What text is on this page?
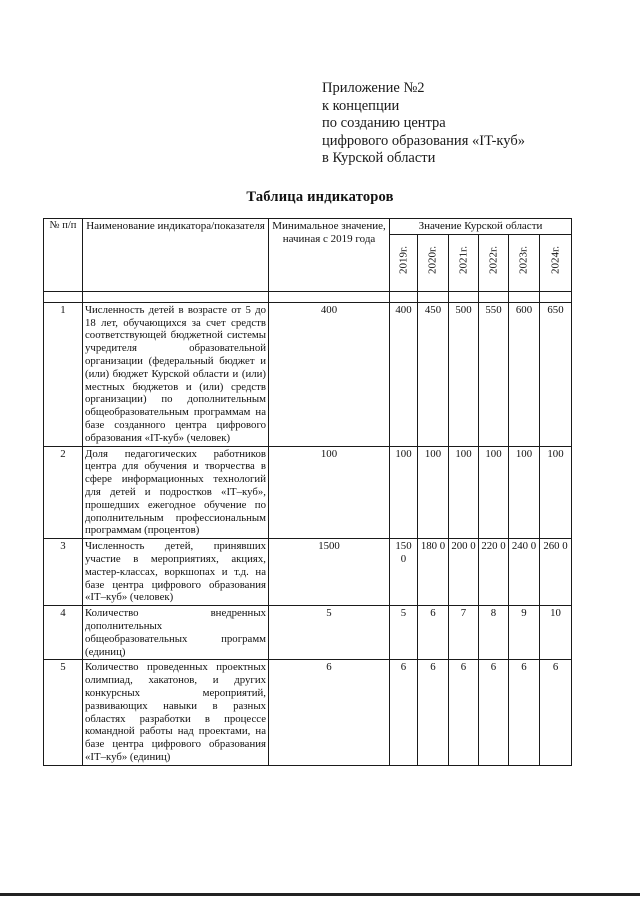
Приложение №2
к концепции
по созданию центра
цифрового образования «IT-куб»
в Курской области
Таблица индикаторов
№ п/п	Наименование индикатора/показателя	Минимальное значение, начиная с 2019 года	Значение Курской области					

			2019г.	2020г.	2021г.	2022г.	2023г.	2024г.

1	Численность детей в возрасте от 5 до 18 лет, обучающихся за счет средств соответствующей бюджетной системы учредителя образовательной организации (федеральный бюджет и (или) бюджет Курской области и (или) местных бюджетов и (или) средств организации) по дополнительным общеобразовательным программам на базе созданного центра цифрового образования «IT-куб» (человек)	400	400	450	500	550	600	650
2	Доля педагогических работников центра для обучения и творчества в сфере информационных технологий для детей и подростков «IT–куб», прошедших ежегодное обучение по дополнительным профессиональным программам (процентов)	100	100	100	100	100	100	100
3	Численность детей, принявших участие в мероприятиях, акциях, мастер-классах, воркшопах и т.д. на базе центра цифрового образования «IT–куб» (человек)	1500	150 0	180 0	200 0	220 0	240 0	260 0
4	Количество внедренных дополнительных общеобразовательных программ (единиц)	5	5	6	7	8	9	10
5	Количество проведенных проектных олимпиад, хакатонов, и других конкурсных мероприятий, развивающих навыки в разных областях разработки в процессе командной работы над проектами, на базе центра цифрового образования «IT–куб» (единиц)	6	6	6	6	6	6	6
